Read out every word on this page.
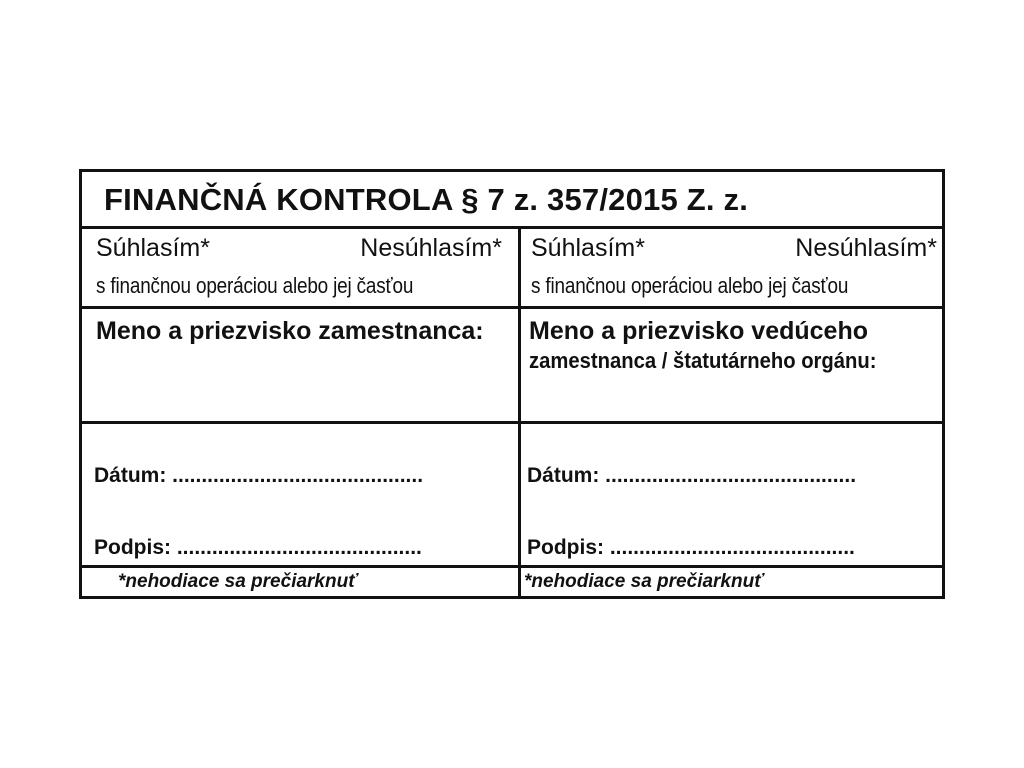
FINANČNÁ KONTROLA § 7 z. 357/2015 Z. z.
Súhlasím*	Nesúhlasím*
s finančnou operáciou alebo jej časťou
Meno a priezvisko zamestnanca:
Dátum: ...........................................
Podpis: ..........................................
*nehodiace sa prečiarknuť
Súhlasím*	Nesúhlasím*
s finančnou operáciou alebo jej časťou
Meno a priezvisko vedúceho
zamestnanca / štatutárneho orgánu:
Dátum: ...........................................
Podpis: ..........................................
*nehodiace sa prečiarknuť
